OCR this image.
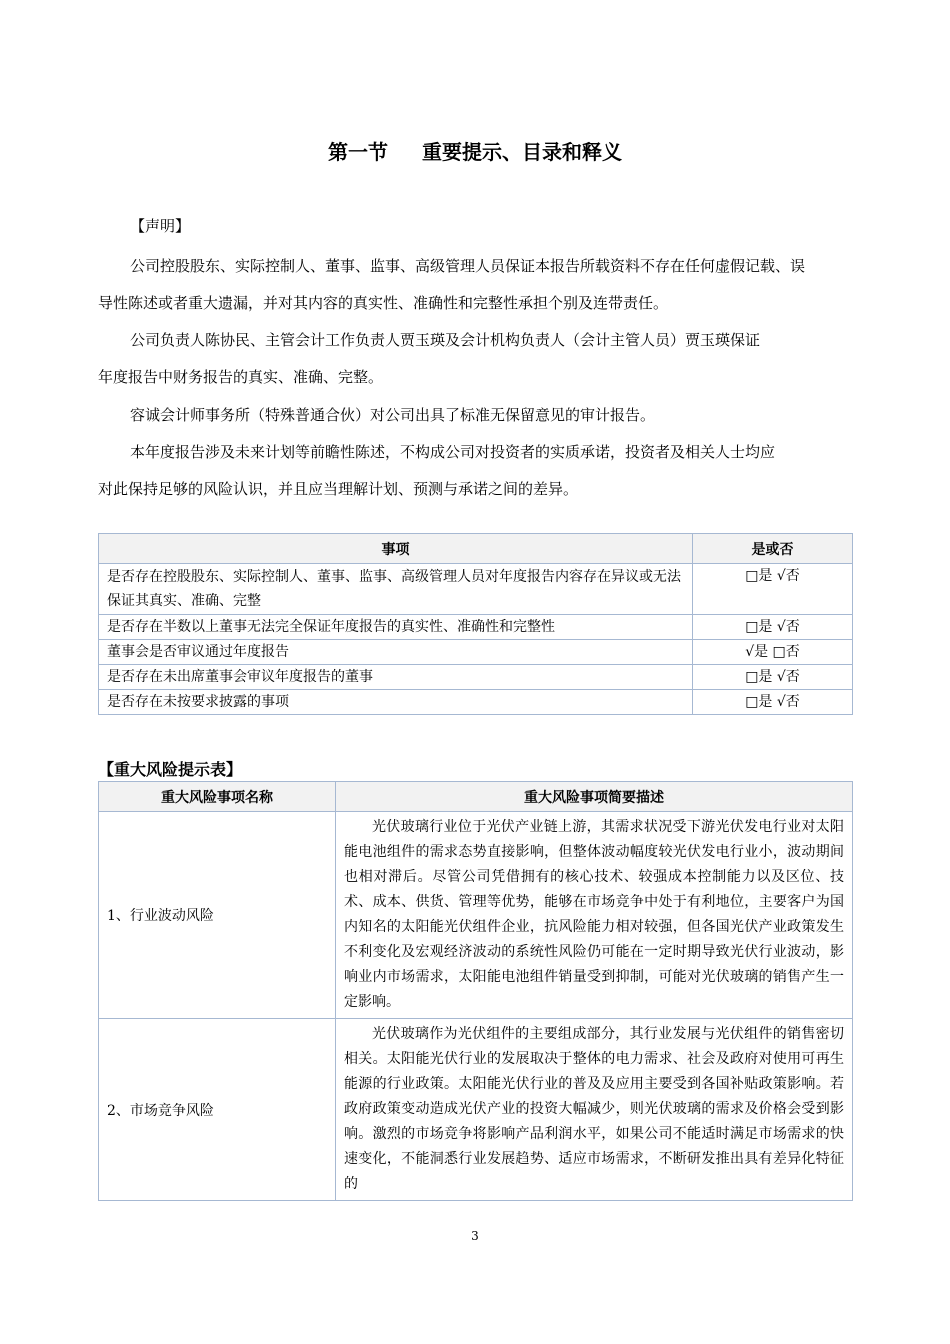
第一节 重要提示、目录和释义
【声明】
公司控股股东、实际控制人、董事、监事、高级管理人员保证本报告所载资料不存在任何虚假记载、误
导性陈述或者重大遗漏，并对其内容的真实性、准确性和完整性承担个别及连带责任。
公司负责人陈协民、主管会计工作负责人贾玉瑛及会计机构负责人（会计主管人员）贾玉瑛保证
年度报告中财务报告的真实、准确、完整。
容诚会计师事务所（特殊普通合伙）对公司出具了标准无保留意见的审计报告。
本年度报告涉及未来计划等前瞻性陈述，不构成公司对投资者的实质承诺，投资者及相关人士均应
对此保持足够的风险认识，并且应当理解计划、预测与承诺之间的差异。
事项	是或否
是否存在控股股东、实际控制人、董事、监事、高级管理人员对年度报告内容存在异议或无法保证其真实、准确、完整	□是 √否
是否存在半数以上董事无法完全保证年度报告的真实性、准确性和完整性	□是 √否
董事会是否审议通过年度报告	√是 □否
是否存在未出席董事会审议年度报告的董事	□是 √否
是否存在未按要求披露的事项	□是 √否
【重大风险提示表】
重大风险事项名称	重大风险事项简要描述
1、行业波动风险	光伏玻璃行业位于光伏产业链上游，其需求状况受下游光伏发电行业对太阳能电池组件的需求态势直接影响，但整体波动幅度较光伏发电行业小，波动期间也相对滞后。尽管公司凭借拥有的核心技术、较强成本控制能力以及区位、技术、成本、供货、管理等优势，能够在市场竞争中处于有利地位，主要客户为国内知名的太阳能光伏组件企业，抗风险能力相对较强，但各国光伏产业政策发生不利变化及宏观经济波动的系统性风险仍可能在一定时期导致光伏行业波动，影响业内市场需求，太阳能电池组件销量受到抑制，可能对光伏玻璃的销售产生一定影响。
2、市场竞争风险	光伏玻璃作为光伏组件的主要组成部分，其行业发展与光伏组件的销售密切相关。太阳能光伏行业的发展取决于整体的电力需求、社会及政府对使用可再生能源的行业政策。太阳能光伏行业的普及及应用主要受到各国补贴政策影响。若政府政策变动造成光伏产业的投资大幅减少，则光伏玻璃的需求及价格会受到影响。激烈的市场竞争将影响产品利润水平，如果公司不能适时满足市场需求的快速变化，不能洞悉行业发展趋势、适应市场需求，不断研发推出具有差异化特征的
3
